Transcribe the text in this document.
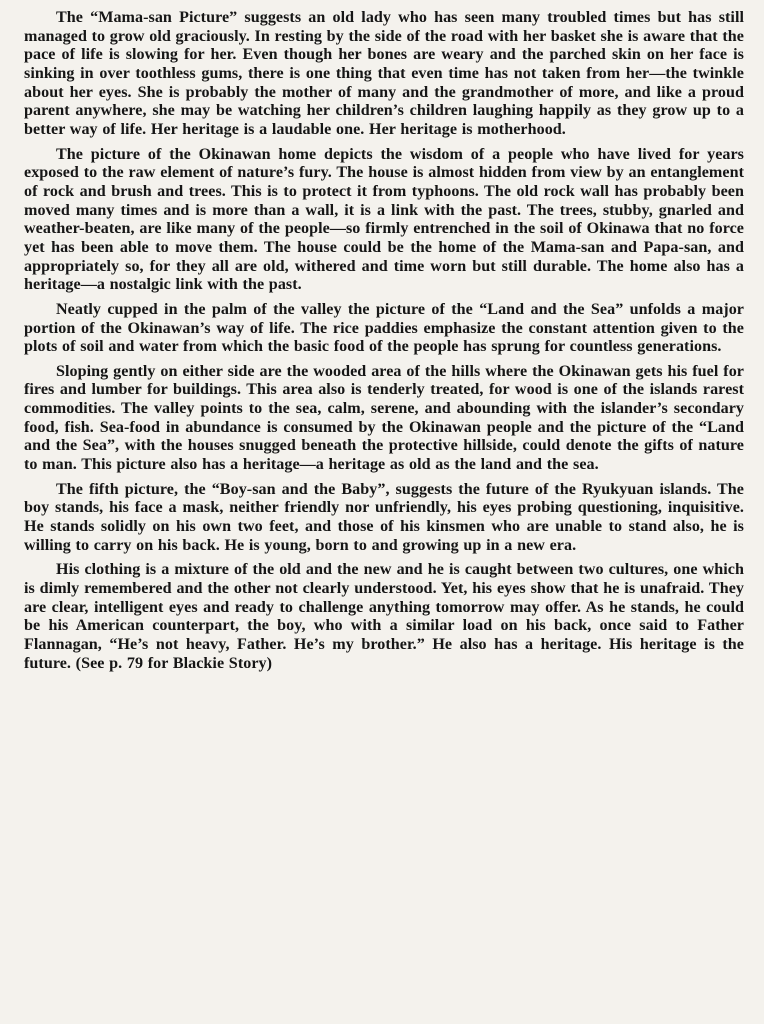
The “Mama-san Picture” suggests an old lady who has seen many troubled times but has still managed to grow old graciously. In resting by the side of the road with her basket she is aware that the pace of life is slowing for her. Even though her bones are weary and the parched skin on her face is sinking in over toothless gums, there is one thing that even time has not taken from her—the twinkle about her eyes. She is probably the mother of many and the grandmother of more, and like a proud parent anywhere, she may be watching her children’s children laughing happily as they grow up to a better way of life. Her heritage is a laudable one. Her heritage is motherhood.

The picture of the Okinawan home depicts the wisdom of a people who have lived for years exposed to the raw element of nature’s fury. The house is almost hidden from view by an entanglement of rock and brush and trees. This is to protect it from typhoons. The old rock wall has probably been moved many times and is more than a wall, it is a link with the past. The trees, stubby, gnarled and weather-beaten, are like many of the people—so firmly entrenched in the soil of Okinawa that no force yet has been able to move them. The house could be the home of the Mama-san and Papa-san, and appropriately so, for they all are old, withered and time worn but still durable. The home also has a heritage—a nostalgic link with the past.

Neatly cupped in the palm of the valley the picture of the “Land and the Sea” unfolds a major portion of the Okinawan’s way of life. The rice paddies emphasize the constant attention given to the plots of soil and water from which the basic food of the people has sprung for countless generations.

Sloping gently on either side are the wooded area of the hills where the Okinawan gets his fuel for fires and lumber for buildings. This area also is tenderly treated, for wood is one of the islands rarest commodities. The valley points to the sea, calm, serene, and abounding with the islander’s secondary food, fish. Sea-food in abundance is consumed by the Okinawan people and the picture of the “Land and the Sea”, with the houses snugged beneath the protective hillside, could denote the gifts of nature to man. This picture also has a heritage—a heritage as old as the land and the sea.

The fifth picture, the “Boy-san and the Baby”, suggests the future of the Ryukyuan islands. The boy stands, his face a mask, neither friendly nor unfriendly, his eyes probing questioning, inquisitive. He stands solidly on his own two feet, and those of his kinsmen who are unable to stand also, he is willing to carry on his back. He is young, born to and growing up in a new era.

His clothing is a mixture of the old and the new and he is caught between two cultures, one which is dimly remembered and the other not clearly understood. Yet, his eyes show that he is unafraid. They are clear, intelligent eyes and ready to challenge anything tomorrow may offer. As he stands, he could be his American counterpart, the boy, who with a similar load on his back, once said to Father Flannagan, “He’s not heavy, Father. He’s my brother.” He also has a heritage. His heritage is the future. (See p. 79 for Blackie Story)
